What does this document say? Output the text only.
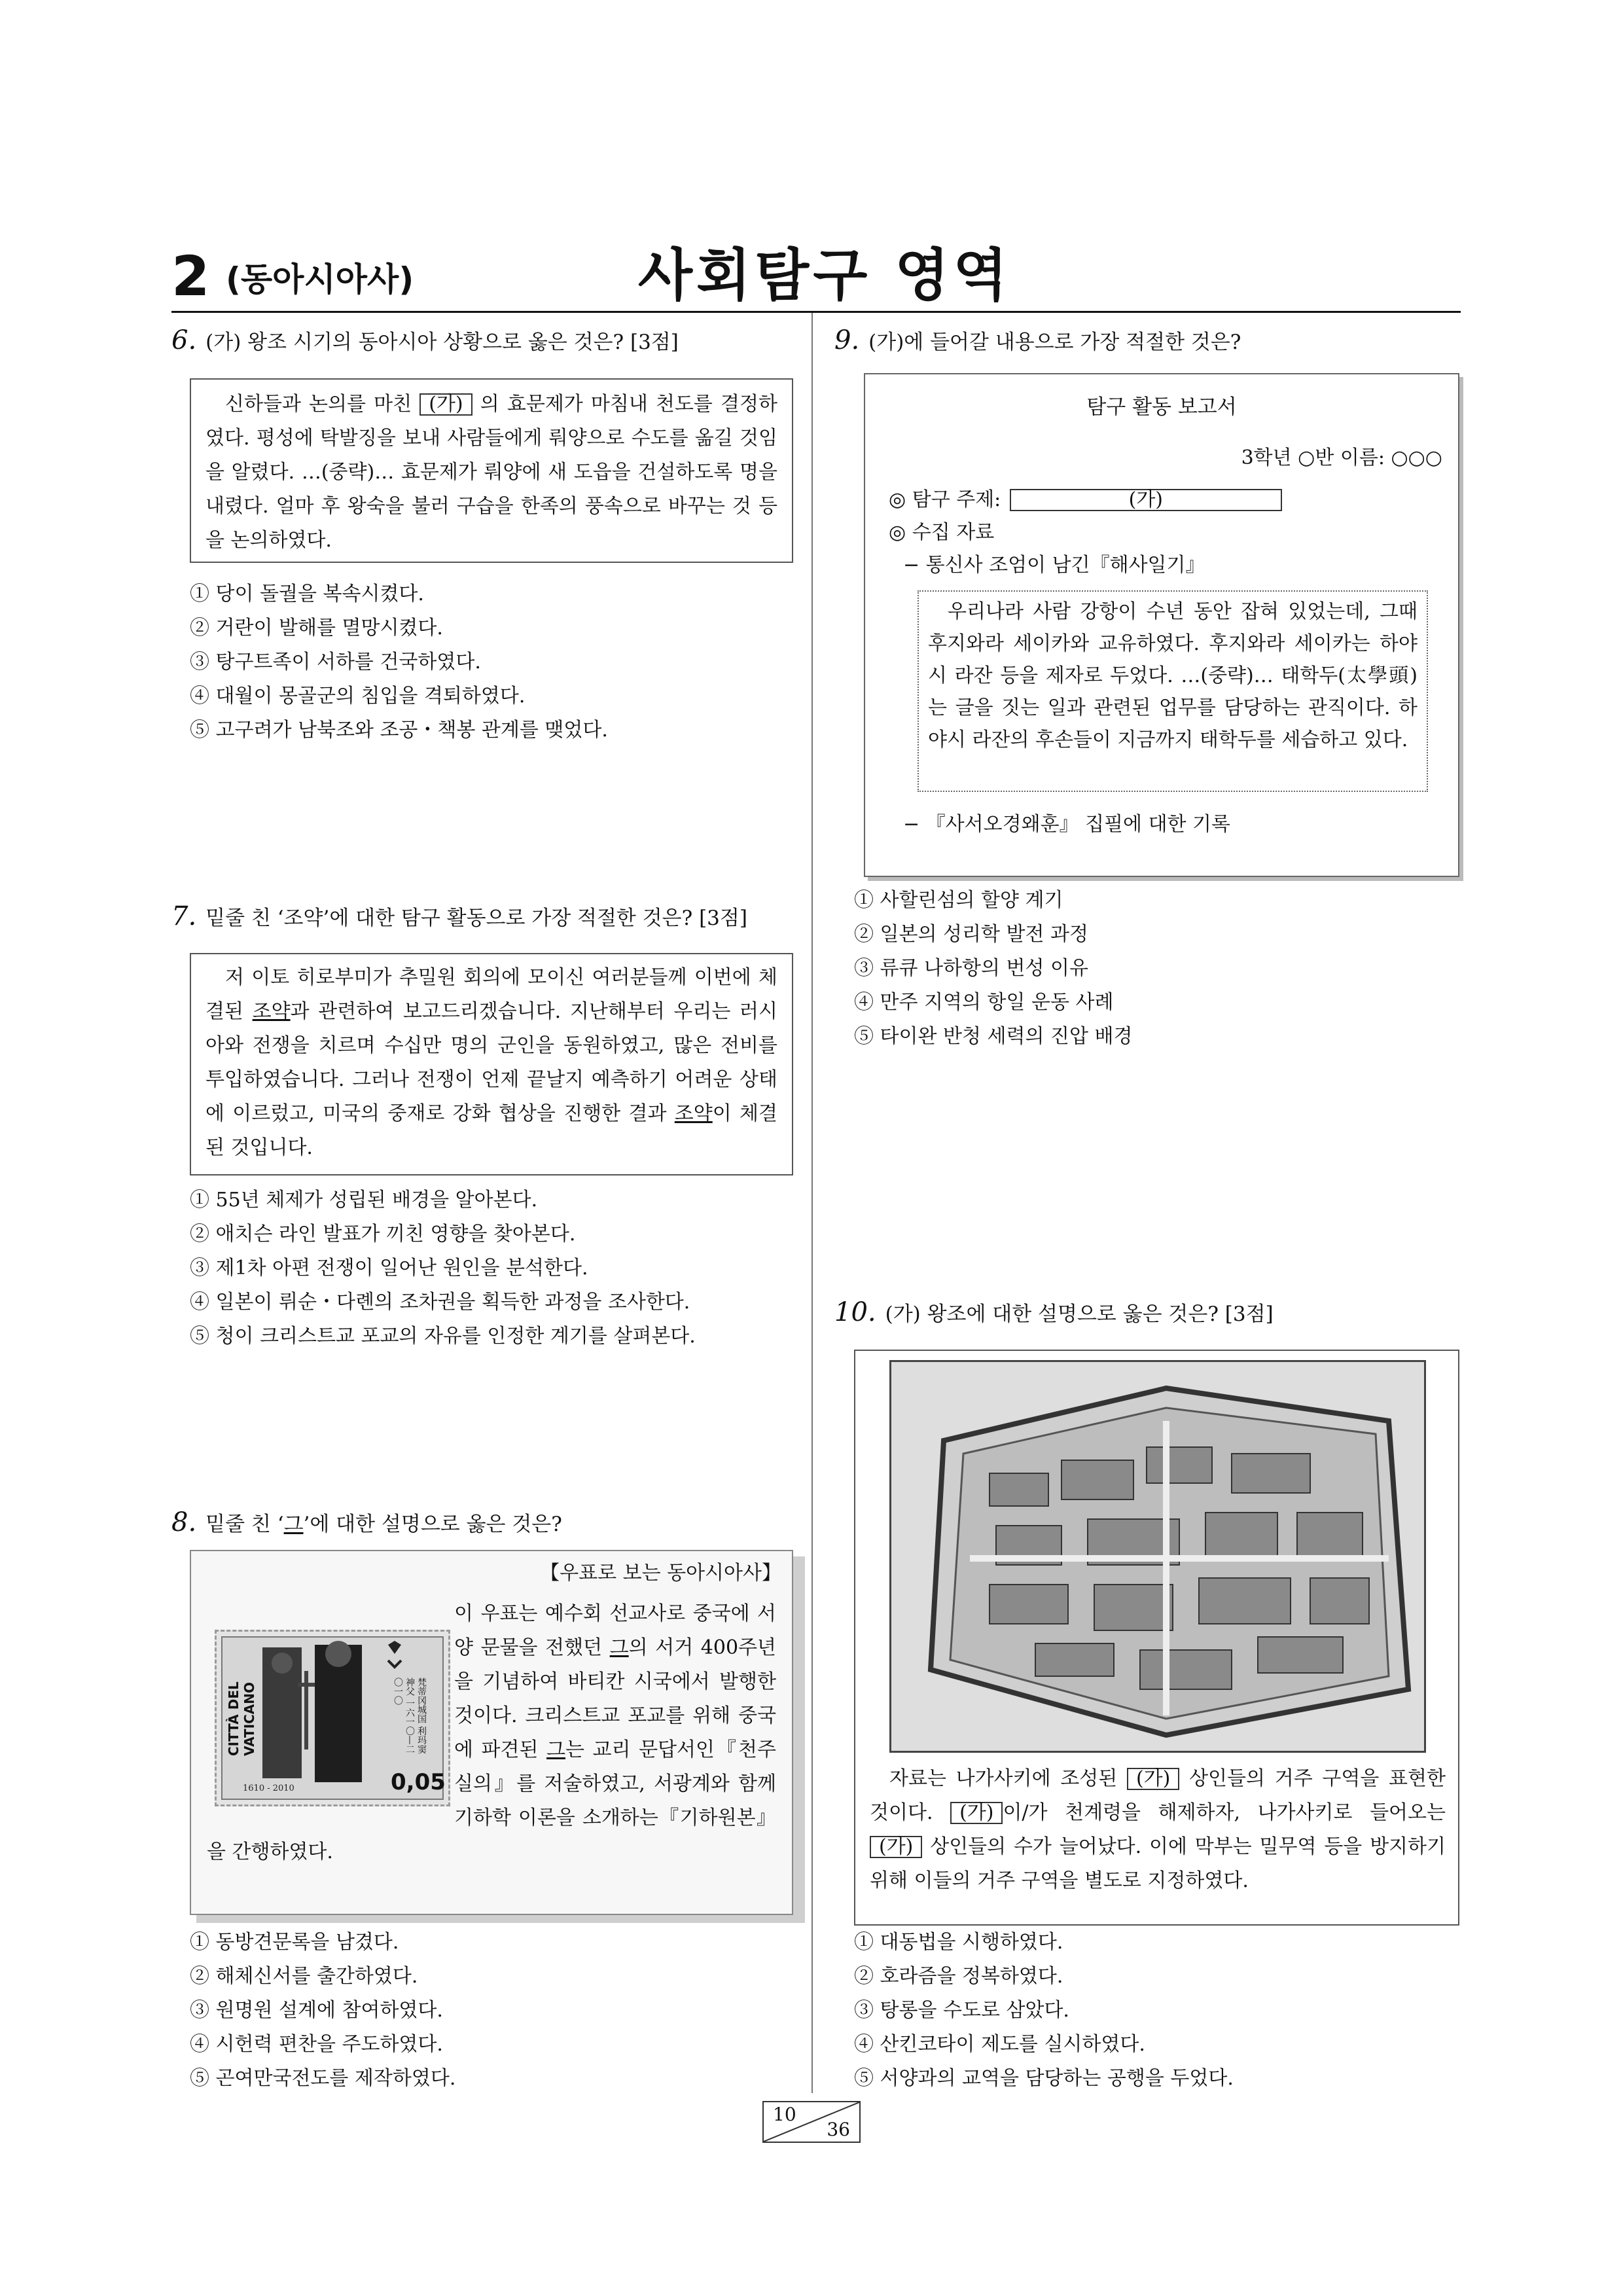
2 (동아시아사)	사회탐구 영역
6. (가) 왕조 시기의 동아시아 상황으로 옳은 것은? [3점]
신하들과 논의를 마친 (가) 의 효문제가 마침내 천도를 결정하였다. 평성에 탁발징을 보내 사람들에게 뤄양으로 수도를 옮길 것임을 알렸다. …(중략)… 효문제가 뤄양에 새 도읍을 건설하도록 명을 내렸다. 얼마 후 왕숙을 불러 구습을 한족의 풍속으로 바꾸는 것 등을 논의하였다.
① 당이 돌궐을 복속시켰다.
② 거란이 발해를 멸망시켰다.
③ 탕구트족이 서하를 건국하였다.
④ 대월이 몽골군의 침입을 격퇴하였다.
⑤ 고구려가 남북조와 조공・책봉 관계를 맺었다.
7. 밑줄 친 ‘조약’에 대한 탐구 활동으로 가장 적절한 것은? [3점]
저 이토 히로부미가 추밀원 회의에 모이신 여러분들께 이번에 체결된 조약과 관련하여 보고드리겠습니다. 지난해부터 우리는 러시아와 전쟁을 치르며 수십만 명의 군인을 동원하였고, 많은 전비를 투입하였습니다. 그러나 전쟁이 언제 끝날지 예측하기 어려운 상태에 이르렀고, 미국의 중재로 강화 협상을 진행한 결과 조약이 체결된 것입니다.
① 55년 체제가 성립된 배경을 알아본다.
② 애치슨 라인 발표가 끼친 영향을 찾아본다.
③ 제1차 아편 전쟁이 일어난 원인을 분석한다.
④ 일본이 뤼순・다롄의 조차권을 획득한 과정을 조사한다.
⑤ 청이 크리스트교 포교의 자유를 인정한 계기를 살펴본다.
8. 밑줄 친 ‘그’에 대한 설명으로 옳은 것은?
【우표로 보는 동아시아사】
CITTÀ DEL VATICANO	梵蒂冈城国 利玛窦神父 一六一〇—二〇一〇
1610 - 2010	0,05
이 우표는 예수회 선교사로 중국에 서양 문물을 전했던 그의 서거 400주년을 기념하여 바티칸 시국에서 발행한 것이다. 크리스트교 포교를 위해 중국에 파견된 그는 교리 문답서인『천주실의』를 저술하였고, 서광계와 함께 기하학 이론을 소개하는『기하원본』을 간행하였다.
① 동방견문록을 남겼다.
② 해체신서를 출간하였다.
③ 원명원 설계에 참여하였다.
④ 시헌력 편찬을 주도하였다.
⑤ 곤여만국전도를 제작하였다.
9. (가)에 들어갈 내용으로 가장 적절한 것은?
탐구 활동 보고서
3학년 ○반 이름: ○○○
◎ 탐구 주제:	(가)
◎ 수집 자료
− 통신사 조엄이 남긴『해사일기』
우리나라 사람 강항이 수년 동안 잡혀 있었는데, 그때 후지와라 세이카와 교유하였다. 후지와라 세이카는 하야시 라잔 등을 제자로 두었다. …(중략)… 태학두(太學頭)는 글을 짓는 일과 관련된 업무를 담당하는 관직이다. 하야시 라잔의 후손들이 지금까지 태학두를 세습하고 있다.
− 『사서오경왜훈』 집필에 대한 기록
① 사할린섬의 할양 계기
② 일본의 성리학 발전 과정
③ 류큐 나하항의 번성 이유
④ 만주 지역의 항일 운동 사례
⑤ 타이완 반청 세력의 진압 배경
10. (가) 왕조에 대한 설명으로 옳은 것은? [3점]
자료는 나가사키에 조성된 (가) 상인들의 거주 구역을 표현한 것이다. (가) 이/가 천계령을 해제하자, 나가사키로 들어오는 (가) 상인들의 수가 늘어났다. 이에 막부는 밀무역 등을 방지하기 위해 이들의 거주 구역을 별도로 지정하였다.
① 대동법을 시행하였다.
② 호라즘을 정복하였다.
③ 탕롱을 수도로 삼았다.
④ 산킨코타이 제도를 실시하였다.
⑤ 서양과의 교역을 담당하는 공행을 두었다.
10
36
